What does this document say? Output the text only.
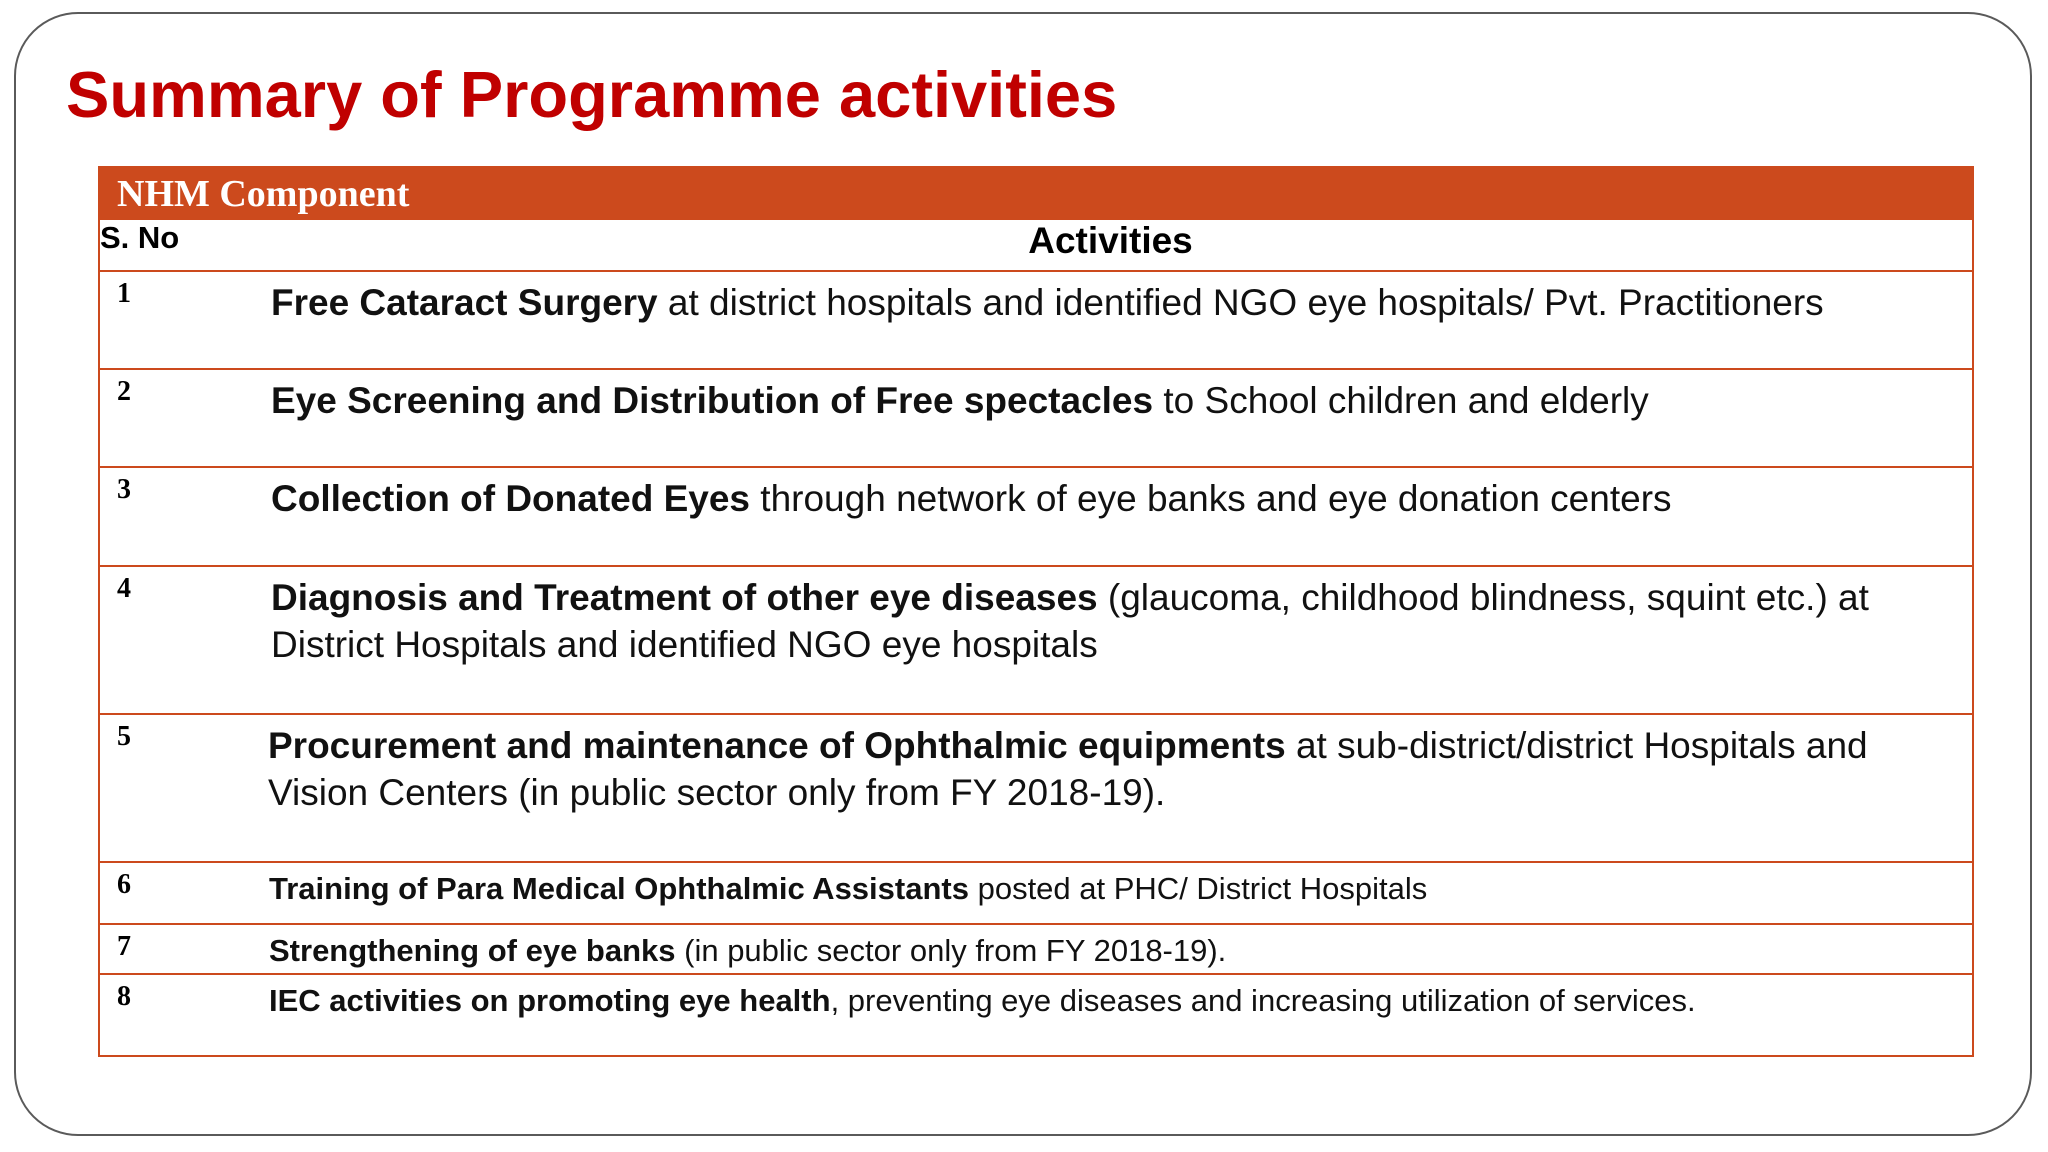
Summary of Programme activities
NHM Component	
S. No	Activities
1	Free Cataract Surgery at district hospitals and identified NGO eye hospitals/ Pvt. Practitioners
2	Eye Screening and Distribution of Free spectacles to School children and elderly
3	Collection of Donated Eyes through network of eye banks and eye donation centers
4	Diagnosis and Treatment of other eye diseases (glaucoma, childhood blindness, squint etc.) at District Hospitals and identified NGO eye hospitals
5	Procurement and maintenance of Ophthalmic equipments at sub-district/district Hospitals and Vision Centers (in public sector only from FY 2018-19).
6	Training of Para Medical Ophthalmic Assistants posted at PHC/ District Hospitals
7	Strengthening of eye banks (in public sector only from FY 2018-19).
8	IEC activities on promoting eye health, preventing eye diseases and increasing utilization of services.
